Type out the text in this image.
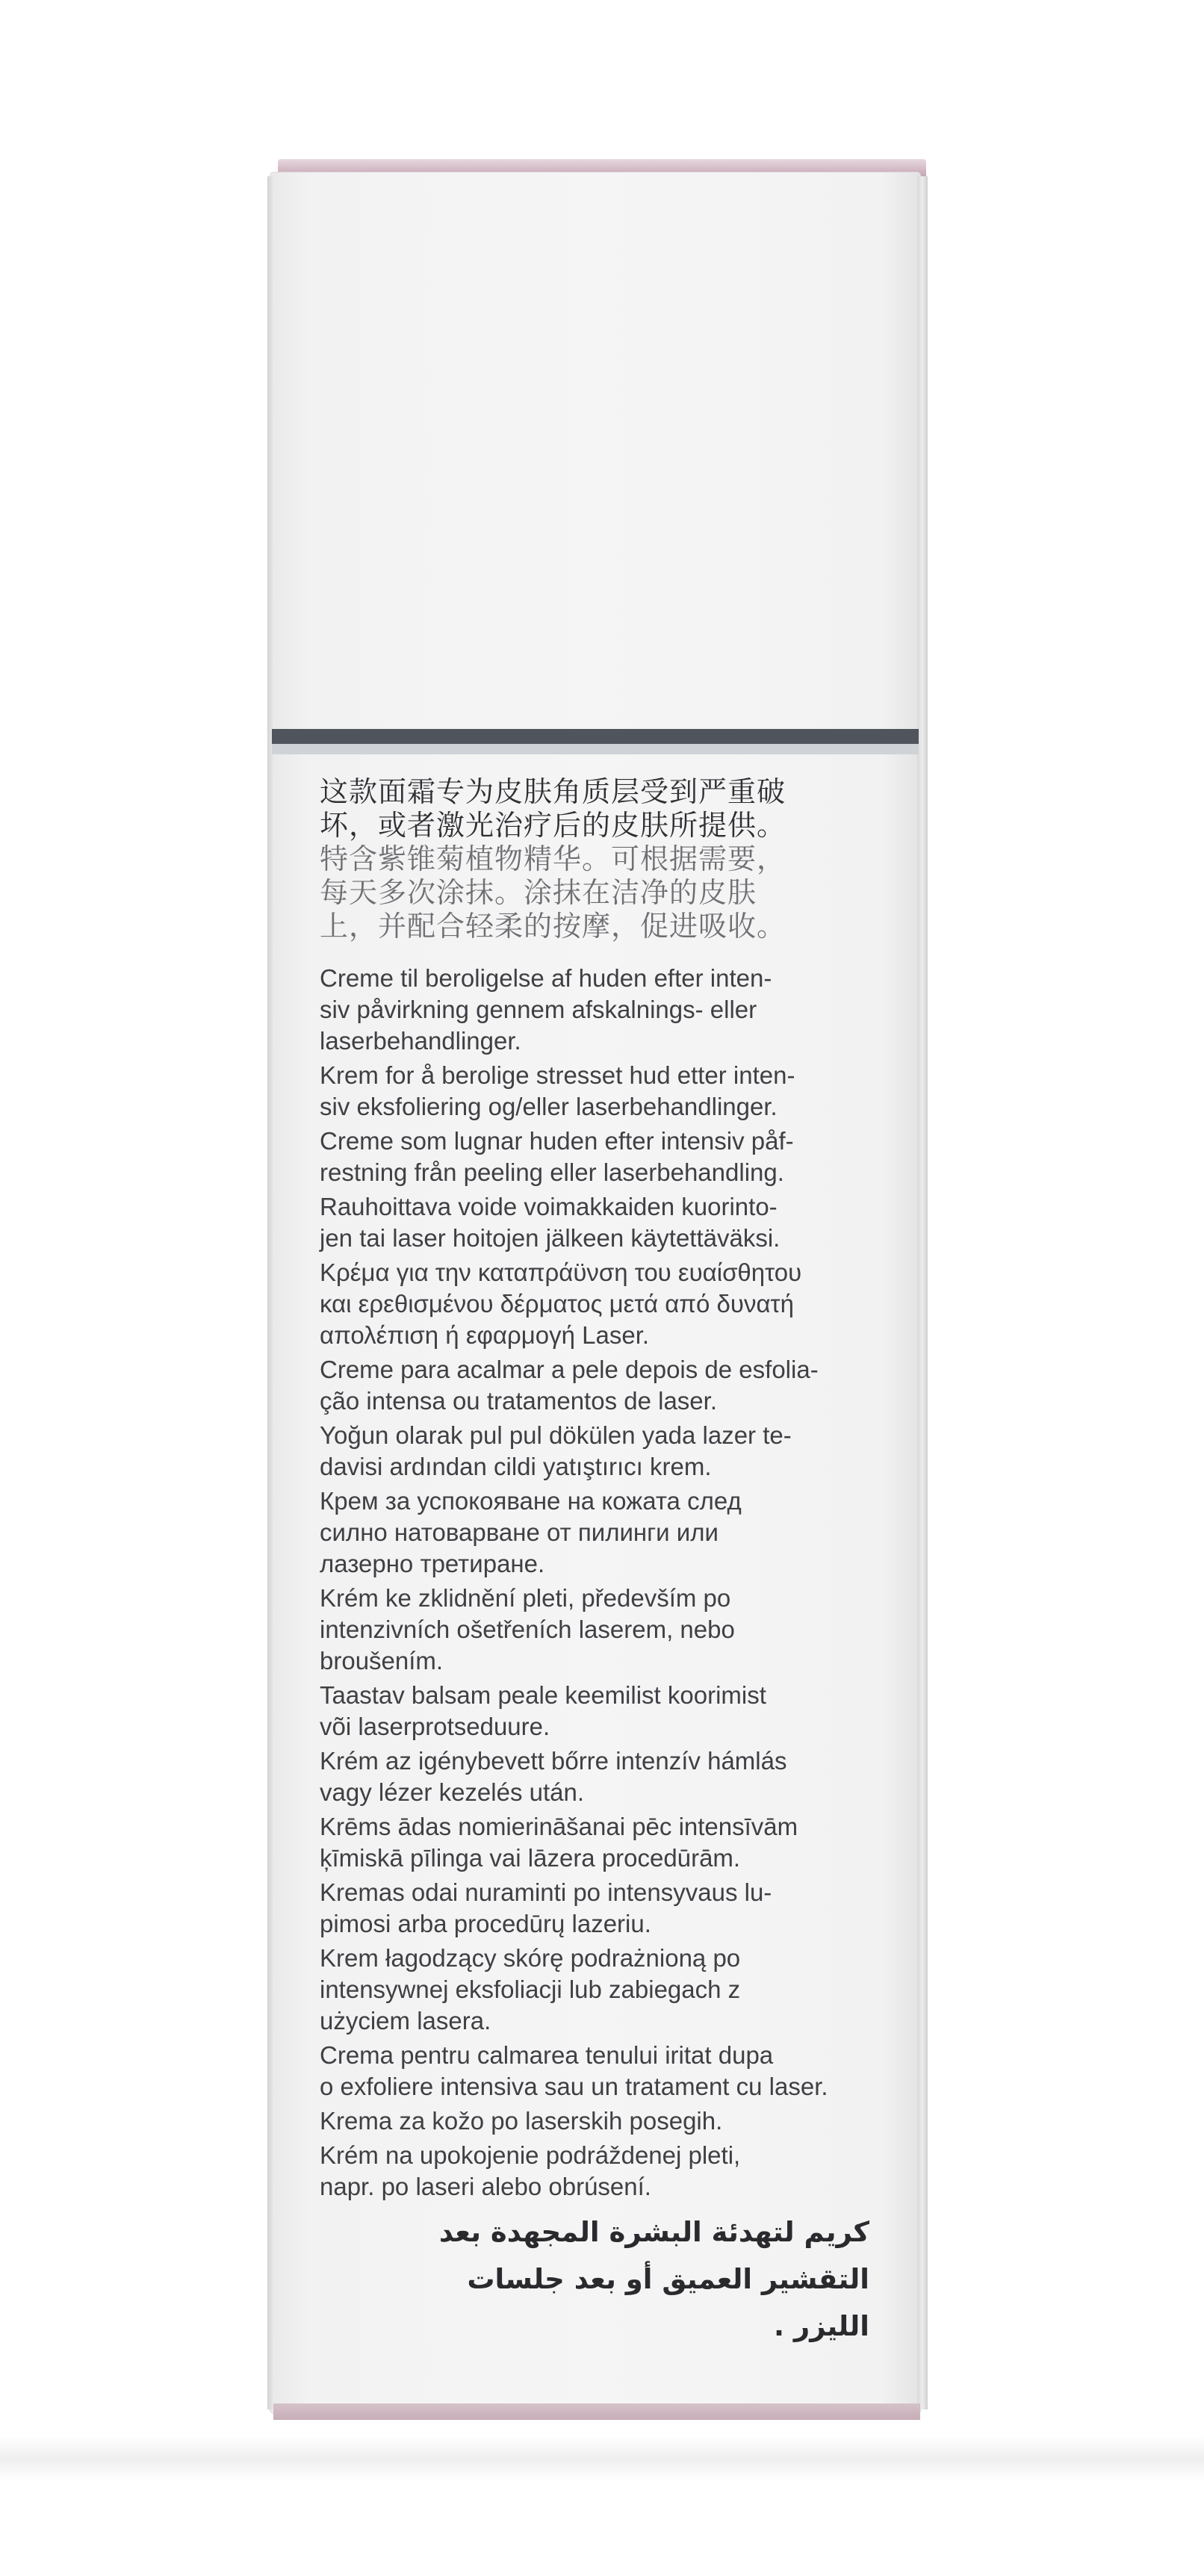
这款面霜专为皮肤角质层受到严重破
坏，或者激光治疗后的皮肤所提供。

特含紫锥菊植物精华。可根据需要，
每天多次涂抹。涂抹在洁净的皮肤
上，并配合轻柔的按摩，促进吸收。

Creme til beroligelse af huden efter inten-
siv påvirkning gennem afskalnings- eller
laserbehandlinger.

Krem for å berolige stresset hud etter inten-
siv eksfoliering og/eller laserbehandlinger.

Creme som lugnar huden efter intensiv påf-
restning från peeling eller laserbehandling.

Rauhoittava voide voimakkaiden kuorinto-
jen tai laser hoitojen jälkeen käytettäväksi.

Κρέμα για την καταπράϋνση του ευαίσθητου
και ερεθισμένου δέρματος μετά από δυνατή
απολέπιση ή εφαρμογή Laser.

Creme para acalmar a pele depois de esfolia-
ção intensa ou tratamentos de laser.

Yoğun olarak pul pul dökülen yada lazer te-
davisi ardından cildi yatıştırıcı krem.

Крем за успокояване на кожата след
силно натоварване от пилинги или
лазерно третиране.

Krém ke zklidnění pleti, především po
intenzivních ošetřeních laserem, nebo
broušením.

Taastav balsam peale keemilist koorimist
või laserprotseduure.

Krém az igénybevett bőrre intenzív hámlás
vagy lézer kezelés után.

Krēms ādas nomierināšanai pēc intensīvām
ķīmiskā pīlinga vai lāzera procedūrām.

Kremas odai nuraminti po intensyvaus lu-
pimosi arba procedūrų lazeriu.

Krem łagodzący skórę podrażnioną po
intensywnej eksfoliacji lub zabiegach z
użyciem lasera.

Crema pentru calmarea tenului iritat dupa
o exfoliere intensiva sau un tratament cu laser.

Krema za kožo po laserskih posegih.

Krém na upokojenie podráždenej pleti,
napr. po laseri alebo obrúsení.

كريم لتهدئة البشرة المجهدة بعد
التقشير العميق أو بعد جلسات
الليزر .
